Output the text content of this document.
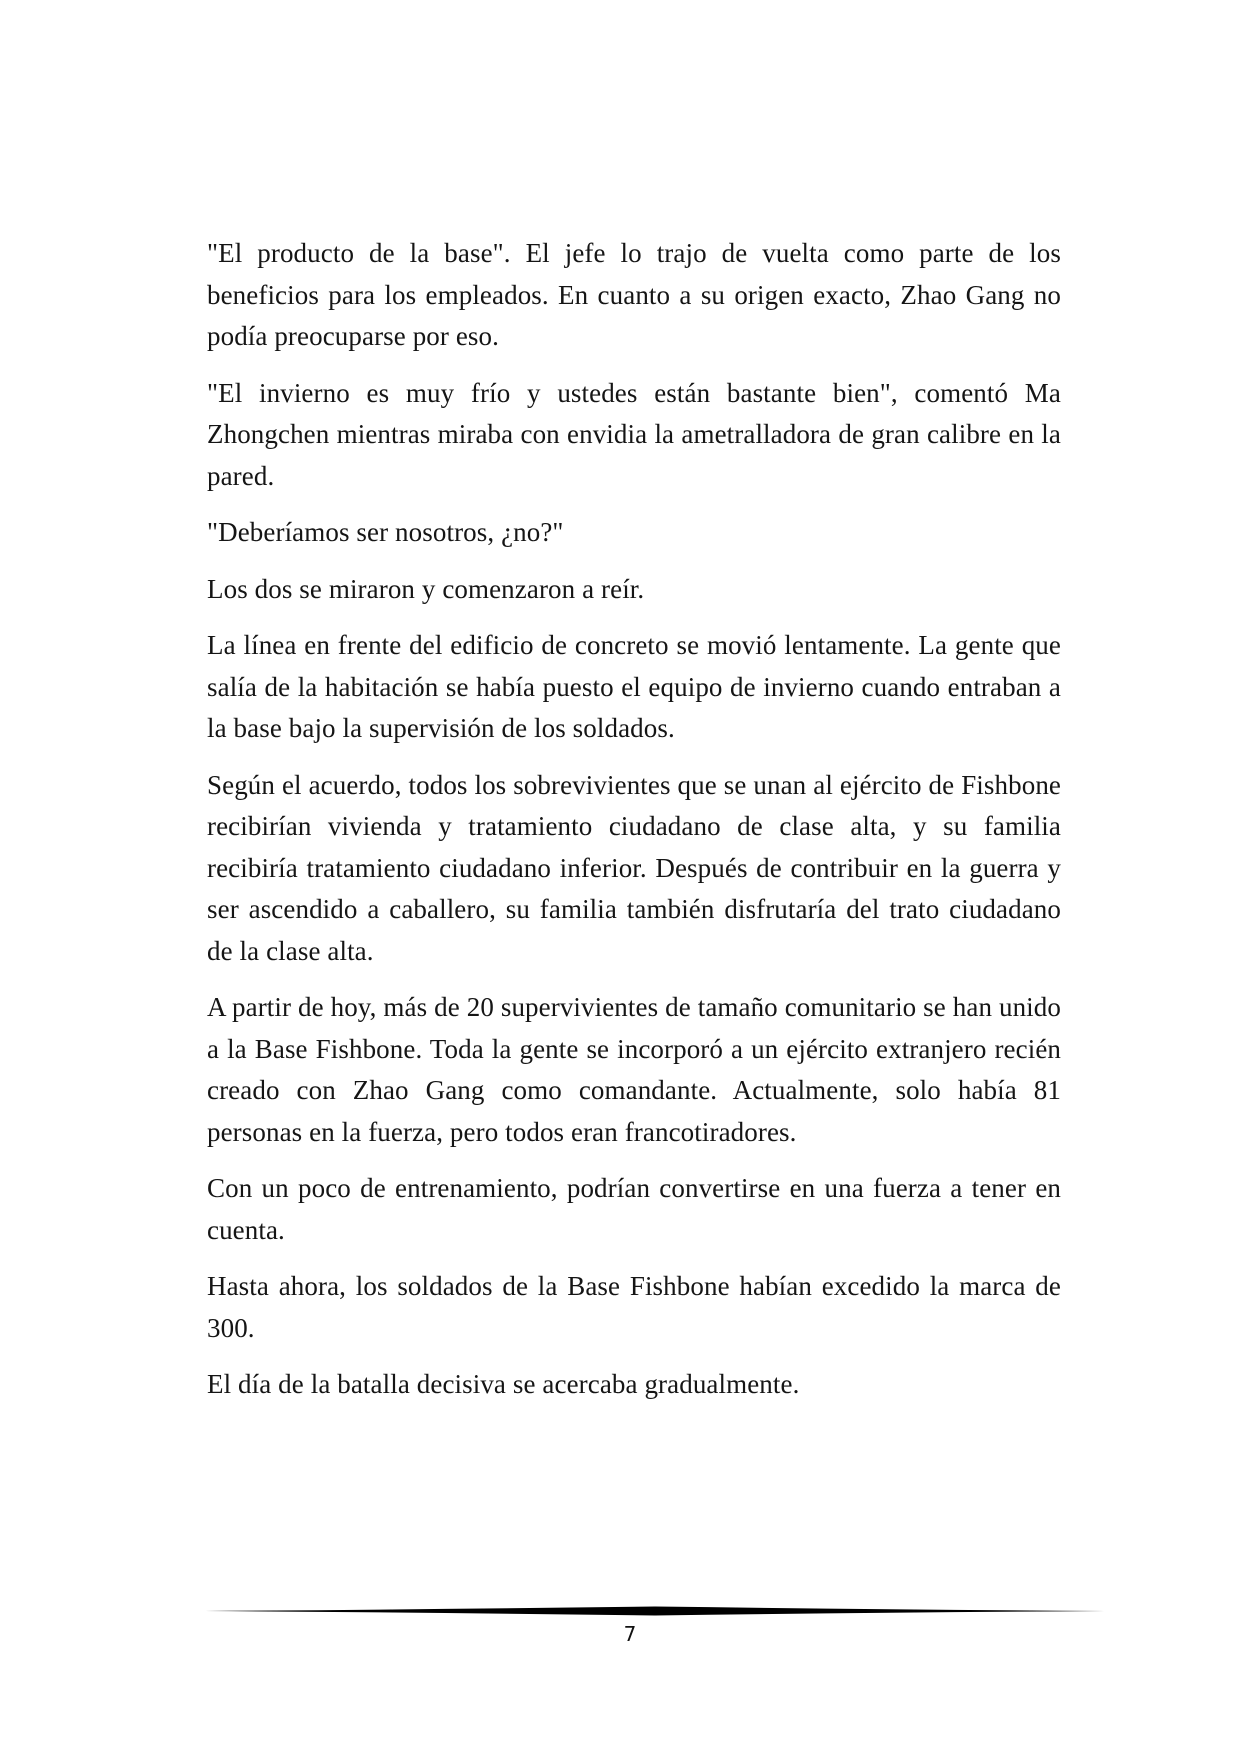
"El producto de la base". El jefe lo trajo de vuelta como parte de los beneficios para los empleados. En cuanto a su origen exacto, Zhao Gang no podía preocuparse por eso.

"El invierno es muy frío y ustedes están bastante bien", comentó Ma Zhongchen mientras miraba con envidia la ametralladora de gran calibre en la pared.

"Deberíamos ser nosotros, ¿no?"

Los dos se miraron y comenzaron a reír.

La línea en frente del edificio de concreto se movió lentamente. La gente que salía de la habitación se había puesto el equipo de invierno cuando entraban a la base bajo la supervisión de los soldados.

Según el acuerdo, todos los sobrevivientes que se unan al ejército de Fishbone recibirían vivienda y tratamiento ciudadano de clase alta, y su familia recibiría tratamiento ciudadano inferior. Después de contribuir en la guerra y ser ascendido a caballero, su familia también disfrutaría del trato ciudadano de la clase alta.

A partir de hoy, más de 20 supervivientes de tamaño comunitario se han unido a la Base Fishbone. Toda la gente se incorporó a un ejército extranjero recién creado con Zhao Gang como comandante. Actualmente, solo había 81 personas en la fuerza, pero todos eran francotiradores.

Con un poco de entrenamiento, podrían convertirse en una fuerza a tener en cuenta.

Hasta ahora, los soldados de la Base Fishbone habían excedido la marca de 300.

El día de la batalla decisiva se acercaba gradualmente.

7
